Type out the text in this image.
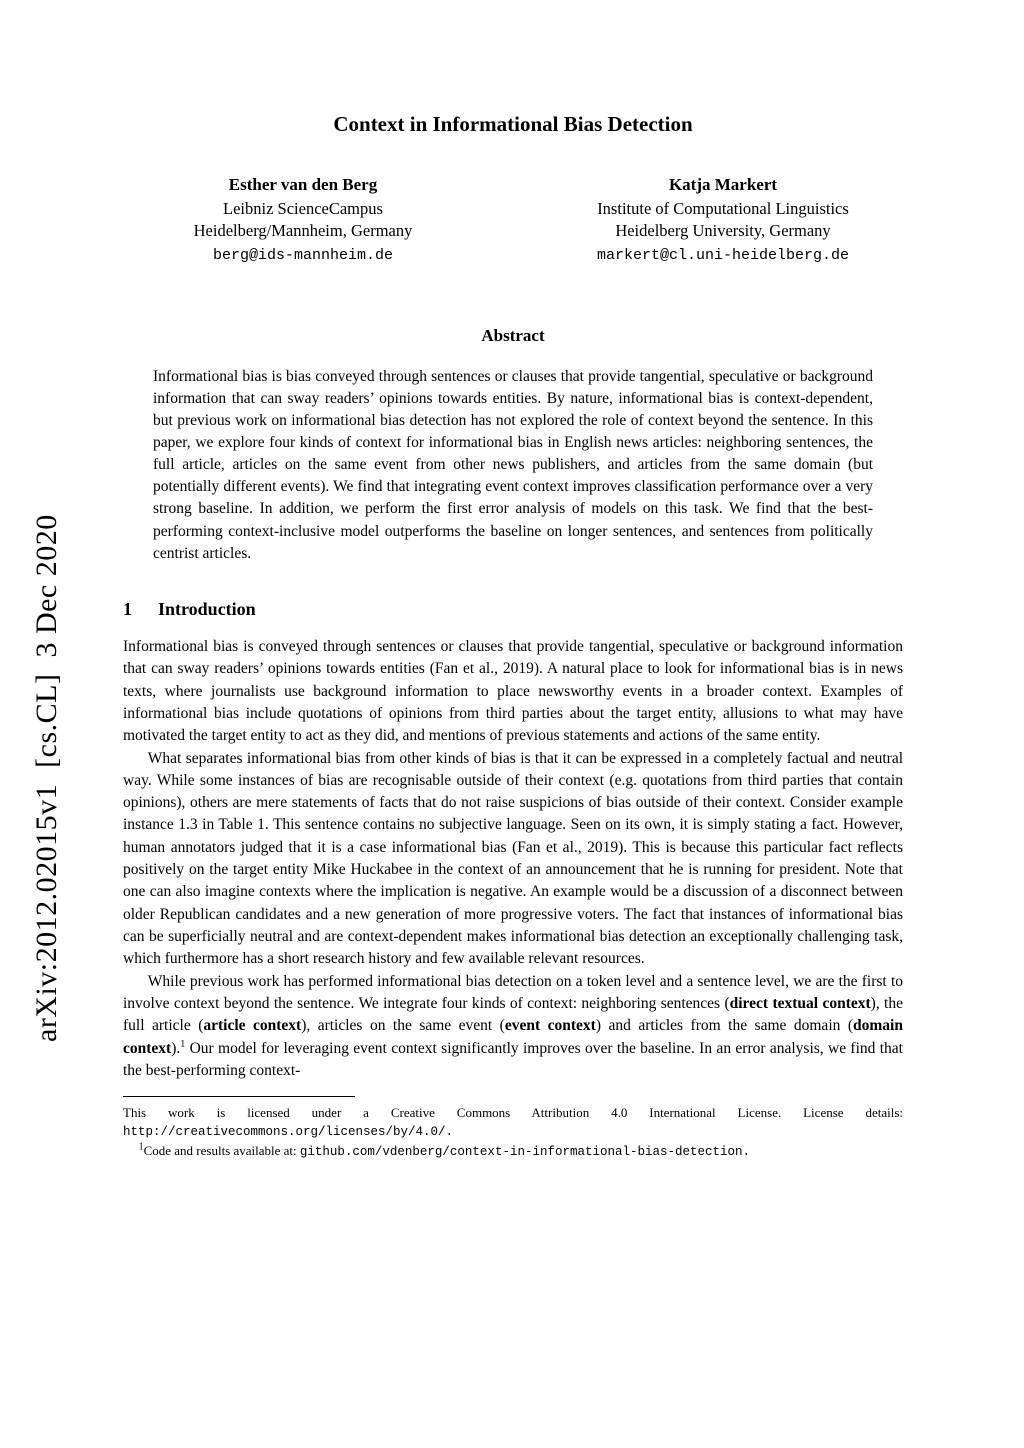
arXiv:2012.02015v1  [cs.CL]  3 Dec 2020
Context in Informational Bias Detection
Esther van den Berg
Leibniz ScienceCampus
Heidelberg/Mannheim, Germany
berg@ids-mannheim.de
Katja Markert
Institute of Computational Linguistics
Heidelberg University, Germany
markert@cl.uni-heidelberg.de
Abstract

Informational bias is bias conveyed through sentences or clauses that provide tangential, speculative or background information that can sway readers’ opinions towards entities. By nature, informational bias is context-dependent, but previous work on informational bias detection has not explored the role of context beyond the sentence. In this paper, we explore four kinds of context for informational bias in English news articles: neighboring sentences, the full article, articles on the same event from other news publishers, and articles from the same domain (but potentially different events). We find that integrating event context improves classification performance over a very strong baseline. In addition, we perform the first error analysis of models on this task. We find that the best-performing context-inclusive model outperforms the baseline on longer sentences, and sentences from politically centrist articles.

1 Introduction

Informational bias is conveyed through sentences or clauses that provide tangential, speculative or background information that can sway readers’ opinions towards entities (Fan et al., 2019). A natural place to look for informational bias is in news texts, where journalists use background information to place newsworthy events in a broader context. Examples of informational bias include quotations of opinions from third parties about the target entity, allusions to what may have motivated the target entity to act as they did, and mentions of previous statements and actions of the same entity.

What separates informational bias from other kinds of bias is that it can be expressed in a completely factual and neutral way. While some instances of bias are recognisable outside of their context (e.g. quotations from third parties that contain opinions), others are mere statements of facts that do not raise suspicions of bias outside of their context. Consider example instance 1.3 in Table 1. This sentence contains no subjective language. Seen on its own, it is simply stating a fact. However, human annotators judged that it is a case informational bias (Fan et al., 2019). This is because this particular fact reflects positively on the target entity Mike Huckabee in the context of an announcement that he is running for president. Note that one can also imagine contexts where the implication is negative. An example would be a discussion of a disconnect between older Republican candidates and a new generation of more progressive voters. The fact that instances of informational bias can be superficially neutral and are context-dependent makes informational bias detection an exceptionally challenging task, which furthermore has a short research history and few available relevant resources.

While previous work has performed informational bias detection on a token level and a sentence level, we are the first to involve context beyond the sentence. We integrate four kinds of context: neighboring sentences (direct textual context), the full article (article context), articles on the same event (event context) and articles from the same domain (domain context).$^1$ Our model for leveraging event context significantly improves over the baseline. In an error analysis, we find that the best-performing context-

This work is licensed under a Creative Commons Attribution 4.0 International License. License details: http://creativecommons.org/licenses/by/4.0/.
$^1$Code and results available at: github.com/vdenberg/context-in-informational-bias-detection.
